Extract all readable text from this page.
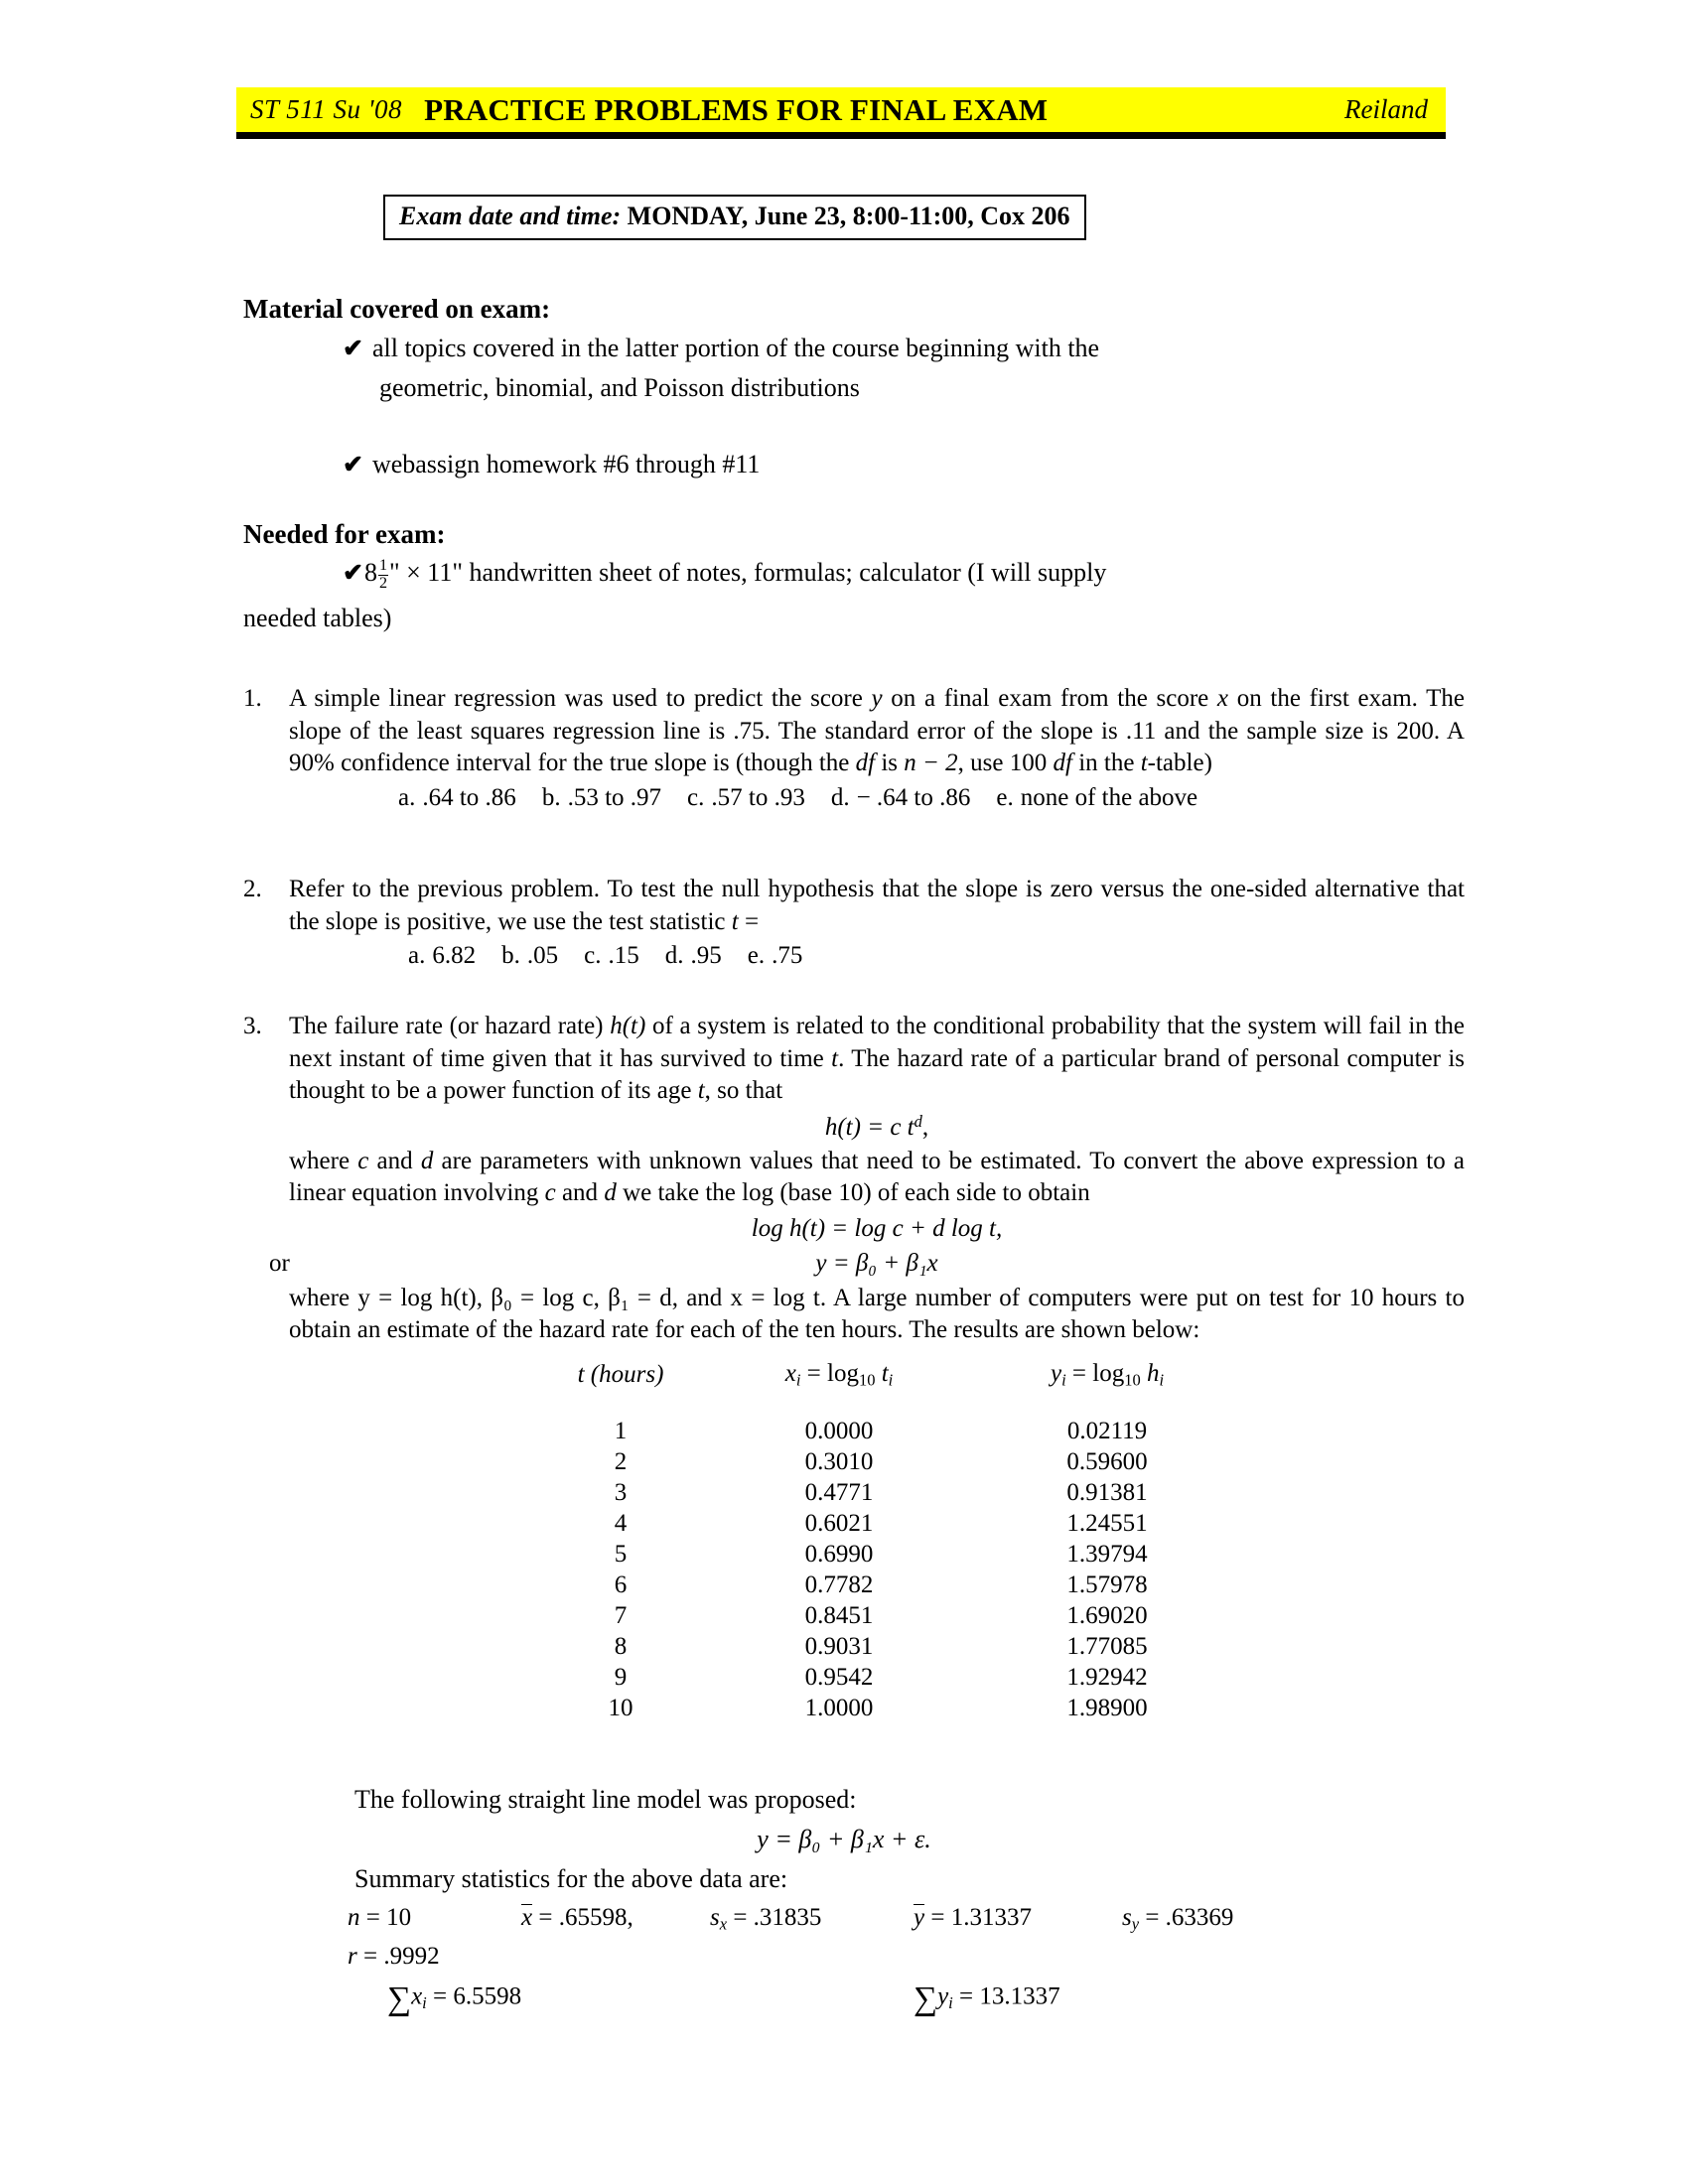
ST 511 Su '08 PRACTICE PROBLEMS FOR FINAL EXAM	Reiland
Exam date and time: MONDAY, June 23, 8:00-11:00, Cox 206
Material covered on exam:
✔ all topics covered in the latter portion of the course beginning with the
geometric, binomial, and Poisson distributions
✔ webassign homework #6 through #11
Needed for exam:
✔8 $\frac{1}{2}$ " × 11" handwritten sheet of notes, formulas; calculator (I will supply
needed tables)
1.	A simple linear regression was used to predict the score y on a final exam from the score x on the first exam. The slope of the least squares regression line is .75. The standard error of the slope is .11 and the sample size is 200. A 90% confidence interval for the true slope is (though the df is n − 2, use 100 df in the t-table)

a. .64 to .86 b. .53 to .97 c. .57 to .93 d. − .64 to .86 e. none of the above
2.	Refer to the previous problem. To test the null hypothesis that the slope is zero versus the one-sided alternative that the slope is positive, we use the test statistic t =

a. 6.82 b. .05 c. .15 d. .95 e. .75
3.	The failure rate (or hazard rate) h(t) of a system is related to the conditional probability that the system will fail in the next instant of time given that it has survived to time t. The hazard rate of a particular brand of personal computer is thought to be a power function of its age t, so that

h(t) = c $t^d$,

where c and d are parameters with unknown values that need to be estimated. To convert the above expression to a linear equation involving c and d we take the log (base 10) of each side to obtain

log h(t) = log c + d log t,
or	y = β₀ + β₁x

where y = log h(t), β₀ = log c, β₁ = d, and x = log t. A large number of computers were put on test for 10 hours to obtain an estimate of the hazard rate for each of the ten hours. The results are shown below:

t (hours)	xi = $\log_{10}$ ti	yi = $\log_{10}$ hi
1	0.0000	0.02119
2	0.3010	0.59600
3	0.4771	0.91381
4	0.6021	1.24551
5	0.6990	1.39794
6	0.7782	1.57978
7	0.8451	1.69020
8	0.9031	1.77085
9	0.9542	1.92942
10	1.0000	1.98900
The following straight line model was proposed:
y = β₀ + β₁x + ε.
Summary statistics for the above data are:
n = 10	x = .65598,	sx = .31835	y = 1.31337	sy = .63369
r = .9992
∑xi = 6.5598	∑yi = 13.1337
